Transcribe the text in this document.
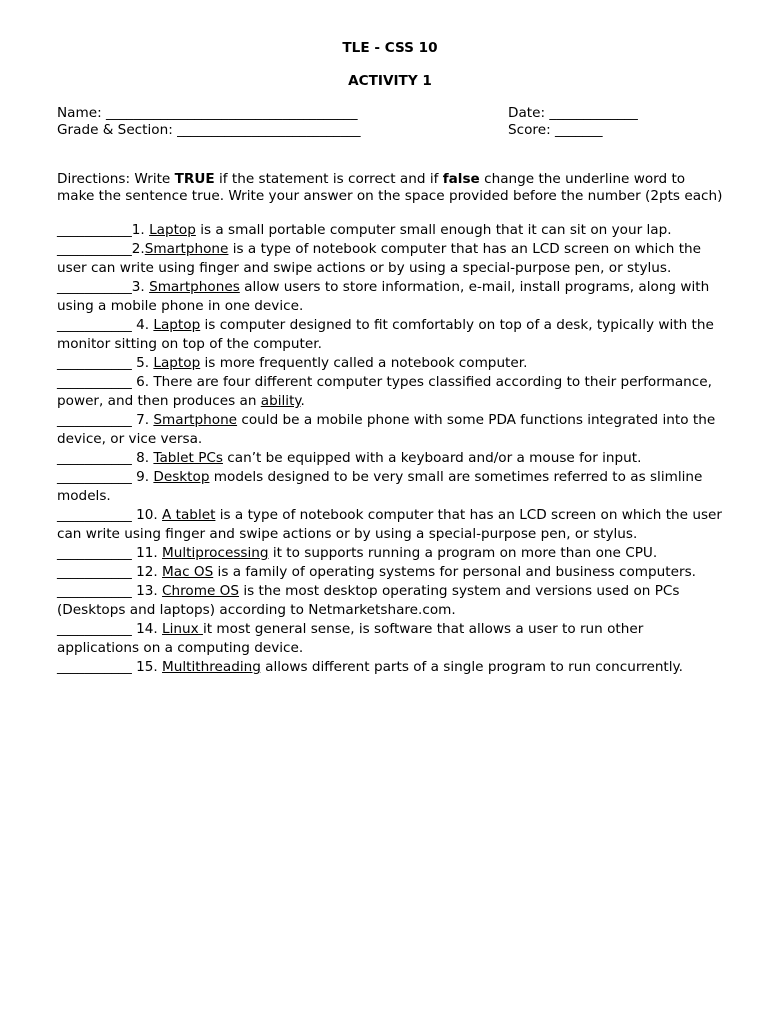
TLE - CSS 10

ACTIVITY 1

Name: _____________________________________
Grade & Section: ___________________________
Date: _____________
Score: _______
Directions: Write TRUE if the statement is correct and if false change the underline word to make the sentence true. Write your answer on the space provided before the number (2pts each)

___________1. Laptop is a small portable computer small enough that it can sit on your lap.

___________2.Smartphone is a type of notebook computer that has an LCD screen on which the user can write using finger and swipe actions or by using a special-purpose pen, or stylus.

___________3. Smartphones allow users to store information, e-mail, install programs, along with using a mobile phone in one device.

___________ 4. Laptop is computer designed to fit comfortably on top of a desk, typically with the monitor sitting on top of the computer.

___________ 5. Laptop is more frequently called a notebook computer.

___________ 6. There are four different computer types classified according to their performance, power, and then produces an ability.

___________ 7. Smartphone could be a mobile phone with some PDA functions integrated into the device, or vice versa.

___________ 8. Tablet PCs can’t be equipped with a keyboard and/or a mouse for input.

___________ 9. Desktop models designed to be very small are sometimes referred to as slimline models.

___________ 10. A tablet is a type of notebook computer that has an LCD screen on which the user can write using finger and swipe actions or by using a special-purpose pen, or stylus.

___________ 11. Multiprocessing it to supports running a program on more than one CPU.

___________ 12. Mac OS is a family of operating systems for personal and business computers.

___________ 13. Chrome OS is the most desktop operating system and versions used on PCs (Desktops and laptops) according to Netmarketshare.com.

___________ 14. Linux it most general sense, is software that allows a user to run other applications on a computing device.

___________ 15. Multithreading allows different parts of a single program to run concurrently.
